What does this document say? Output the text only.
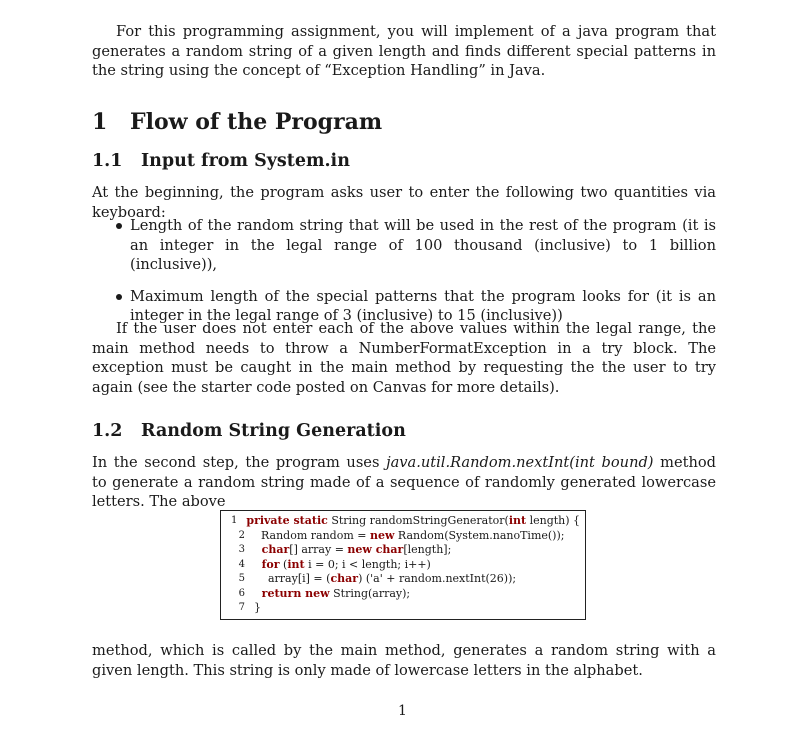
For this programming assignment, you will implement of a java program that generates a random string of a given length and finds different special patterns in the string using the concept of “Exception Handling” in Java.

1 Flow of the Program
1.1 Input from System.in

At the beginning, the program asks user to enter the following two quantities via keyboard:

Length of the random string that will be used in the rest of the program (it is an integer in the legal range of 100 thousand (inclusive) to 1 billion (inclusive)),
Maximum length of the special patterns that the program looks for (it is an integer in the legal range of 3 (inclusive) to 15 (inclusive))

If the user does not enter each of the above values within the legal range, the main method needs to throw a NumberFormatException in a try block. The exception must be caught in the main method by requesting the the user to try again (see the starter code posted on Canvas for more details).

1.2 Random String Generation

In the second step, the program uses java.util.Random.nextInt(int bound) method to generate a random string made of a sequence of randomly generated lowercase letters. The above

1 private static String randomStringGenerator( int length) {
2 Random random = new Random(System.nanoTime());
3 char [] array = new char [length];
4 for ( int i = 0; i < length; i++)
5 array[i] = ( char ) ('a' + random.nextInt(26));
6 return new String(array);
7 }

method, which is called by the main method, generates a random string with a given length. This string is only made of lowercase letters in the alphabet.

1
